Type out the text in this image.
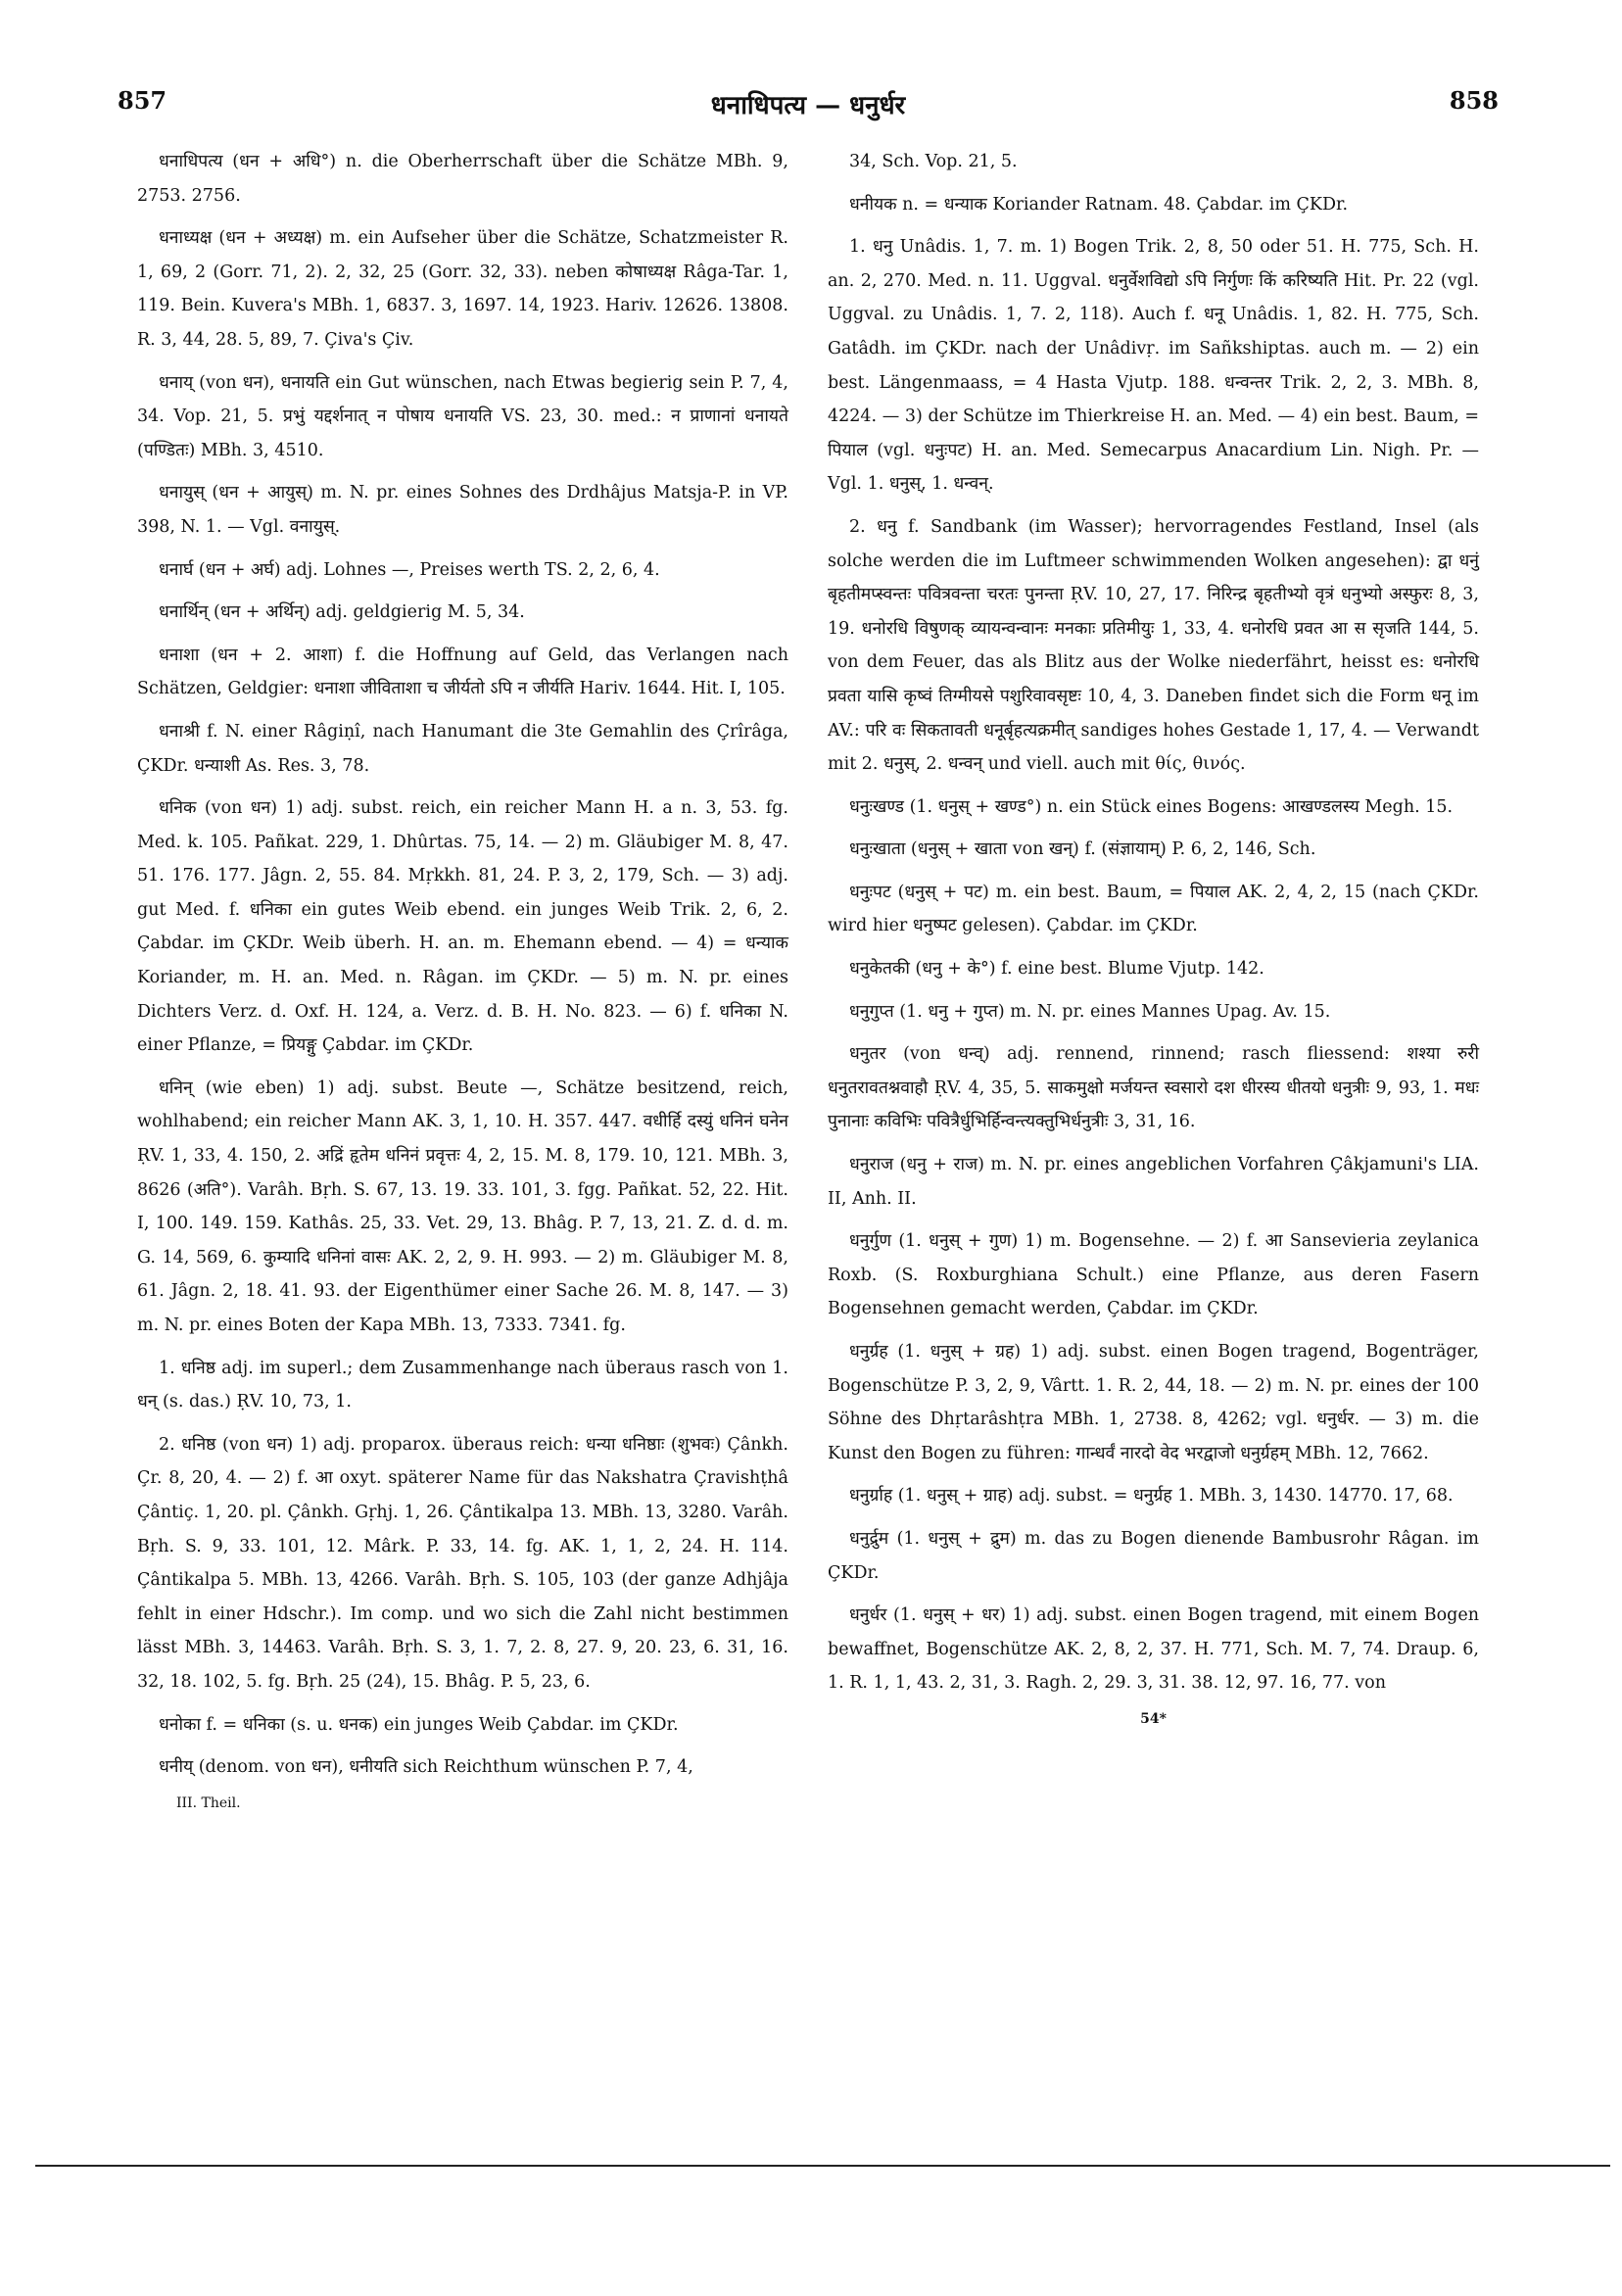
857	धनाधिपत्य — धनुर्धर	858

धनाधिपत्य (धन + अधि°) n. die Oberherrschaft über die Schätze MBh. 9, 2753. 2756.

धनाध्यक्ष (धन + अध्यक्ष) m. ein Aufseher über die Schätze, Schatzmeister R. 1, 69, 2 (Gorr. 71, 2). 2, 32, 25 (Gorr. 32, 33). neben कोषाध्यक्ष Râga-Tar. 1, 119. Bein. Kuvera's MBh. 1, 6837. 3, 1697. 14, 1923. Hariv. 12626. 13808. R. 3, 44, 28. 5, 89, 7. Çiva's Çiv.

धनाय् (von धन), धनायति ein Gut wünschen, nach Etwas begierig sein P. 7, 4, 34. Vop. 21, 5. प्रभुं यद्दर्शनात् न पोषाय धनायति VS. 23, 30. med.: न प्राणानां धनायते (पण्डितः) MBh. 3, 4510.

धनायुस् (धन + आयुस्) m. N. pr. eines Sohnes des Drdhâjus Matsja-P. in VP. 398, N. 1. — Vgl. वनायुस्.

धनार्घ (धन + अर्घ) adj. Lohnes —, Preises werth TS. 2, 2, 6, 4.

धनार्थिन् (धन + अर्थिन्) adj. geldgierig M. 5, 34.

धनाशा (धन + 2. आशा) f. die Hoffnung auf Geld, das Verlangen nach Schätzen, Geldgier: धनाशा जीविताशा च जीर्यतो ऽपि न जीर्यति Hariv. 1644. Hit. I, 105.

धनाश्री f. N. einer Râgiṇî, nach Hanumant die 3te Gemahlin des Çrîrâga, ÇKDr. धन्याशी As. Res. 3, 78.

धनिक (von धन) 1) adj. subst. reich, ein reicher Mann H. a n. 3, 53. fg. Med. k. 105. Pañkat. 229, 1. Dhûrtas. 75, 14. — 2) m. Gläubiger M. 8, 47. 51. 176. 177. Jâgn. 2, 55. 84. Mṛkkh. 81, 24. P. 3, 2, 179, Sch. — 3) adj. gut Med. f. धनिका ein gutes Weib ebend. ein junges Weib Trik. 2, 6, 2. Çabdar. im ÇKDr. Weib überh. H. an. m. Ehemann ebend. — 4) = धन्याक Koriander, m. H. an. Med. n. Râgan. im ÇKDr. — 5) m. N. pr. eines Dichters Verz. d. Oxf. H. 124, a. Verz. d. B. H. No. 823. — 6) f. धनिका N. einer Pflanze, = प्रियङ्गु Çabdar. im ÇKDr.

धनिन् (wie eben) 1) adj. subst. Beute —, Schätze besitzend, reich, wohlhabend; ein reicher Mann AK. 3, 1, 10. H. 357. 447. वधीर्हि दस्युं धनिनं घनेन ṚV. 1, 33, 4. 150, 2. अद्रिं हृतेम धनिनं प्रवृत्तः 4, 2, 15. M. 8, 179. 10, 121. MBh. 3, 8626 (अति°). Varâh. Bṛh. S. 67, 13. 19. 33. 101, 3. fgg. Pañkat. 52, 22. Hit. I, 100. 149. 159. Kathâs. 25, 33. Vet. 29, 13. Bhâg. P. 7, 13, 21. Z. d. d. m. G. 14, 569, 6. कुम्यादि धनिनां वासः AK. 2, 2, 9. H. 993. — 2) m. Gläubiger M. 8, 61. Jâgn. 2, 18. 41. 93. der Eigenthümer einer Sache 26. M. 8, 147. — 3) m. N. pr. eines Boten der Kapa MBh. 13, 7333. 7341. fg.

1. धनिष्ठ adj. im superl.; dem Zusammenhange nach überaus rasch von 1. धन् (s. das.) ṚV. 10, 73, 1.

2. धनिष्ठ (von धन) 1) adj. proparox. überaus reich: धन्या धनिष्ठाः (शुभवः) Çânkh. Çr. 8, 20, 4. — 2) f. आ oxyt. späterer Name für das Nakshatra Çravishṭhâ Çântiç. 1, 20. pl. Çânkh. Gṛhj. 1, 26. Çântikalpa 13. MBh. 13, 3280. Varâh. Bṛh. S. 9, 33. 101, 12. Mârk. P. 33, 14. fg. AK. 1, 1, 2, 24. H. 114. Çântikalpa 5. MBh. 13, 4266. Varâh. Bṛh. S. 105, 103 (der ganze Adhjâja fehlt in einer Hdschr.). Im comp. und wo sich die Zahl nicht bestimmen lässt MBh. 3, 14463. Varâh. Bṛh. S. 3, 1. 7, 2. 8, 27. 9, 20. 23, 6. 31, 16. 32, 18. 102, 5. fg. Bṛh. 25 (24), 15. Bhâg. P. 5, 23, 6.

धनोका f. = धनिका (s. u. धनक) ein junges Weib Çabdar. im ÇKDr.

धनीय् (denom. von धन), धनीयति sich Reichthum wünschen P. 7, 4,

III. Theil.

34, Sch. Vop. 21, 5.

धनीयक n. = धन्याक Koriander Ratnam. 48. Çabdar. im ÇKDr.

1. धनु Unâdis. 1, 7. m. 1) Bogen Trik. 2, 8, 50 oder 51. H. 775, Sch. H. an. 2, 270. Med. n. 11. Uggval. धनुर्वेशविद्यो ऽपि निर्गुणः किं करिष्यति Hit. Pr. 22 (vgl. Uggval. zu Unâdis. 1, 7. 2, 118). Auch f. धनू Unâdis. 1, 82. H. 775, Sch. Gatâdh. im ÇKDr. nach der Unâdivṛ. im Sañkshiptas. auch m. — 2) ein best. Längenmaass, = 4 Hasta Vjutp. 188. धन्वन्तर Trik. 2, 2, 3. MBh. 8, 4224. — 3) der Schütze im Thierkreise H. an. Med. — 4) ein best. Baum, = पियाल (vgl. धनुःपट) H. an. Med. Semecarpus Anacardium Lin. Nigh. Pr. — Vgl. 1. धनुस्, 1. धन्वन्.

2. धनु f. Sandbank (im Wasser); hervorragendes Festland, Insel (als solche werden die im Luftmeer schwimmenden Wolken angesehen): द्वा धनुं बृहतीमप्स्वन्तः पवित्रवन्ता चरतः पुनन्ता ṚV. 10, 27, 17. निरिन्द्र बृहतीभ्यो वृत्रं धनुभ्यो अस्फुरः 8, 3, 19. धनोरधि विषुणक् व्यायन्वन्वानः मनकाः प्रतिमीयुः 1, 33, 4. धनोरधि प्रवत आ स सृजति 144, 5. von dem Feuer, das als Blitz aus der Wolke niederfährt, heisst es: धनोरधि प्रवता यासि कृष्वं तिग्मीयसे पशुरिवावसृष्टः 10, 4, 3. Daneben findet sich die Form धनू im AV.: परि वः सिकतावती धनूर्बृहत्यक्रमीत् sandiges hohes Gestade 1, 17, 4. — Verwandt mit 2. धनुस्, 2. धन्वन् und viell. auch mit θίς, θινός.

धनुःखण्ड (1. धनुस् + खण्ड°) n. ein Stück eines Bogens: आखण्डलस्य Megh. 15.

धनुःखाता (धनुस् + खाता von खन्) f. (संज्ञायाम्) P. 6, 2, 146, Sch.

धनुःपट (धनुस् + पट) m. ein best. Baum, = पियाल AK. 2, 4, 2, 15 (nach ÇKDr. wird hier धनुष्पट gelesen). Çabdar. im ÇKDr.

धनुकेतकी (धनु + के°) f. eine best. Blume Vjutp. 142.

धनुगुप्त (1. धनु + गुप्त) m. N. pr. eines Mannes Upag. Av. 15.

धनुतर (von धन्व्) adj. rennend, rinnend; rasch fliessend: शश्या रुरी धनुतरावतश्नवाहौ ṚV. 4, 35, 5. साकमुक्षो मर्जयन्त स्वसारो दश धीरस्य धीतयो धनुत्रीः 9, 93, 1. मधः पुनानाः कविभिः पवित्रैर्धुभिर्हिन्वन्त्यक्तुभिर्धनुत्रीः 3, 31, 16.

धनुराज (धनु + राज) m. N. pr. eines angeblichen Vorfahren Çâkjamuni's LIA. II, Anh. II.

धनुर्गुण (1. धनुस् + गुण) 1) m. Bogensehne. — 2) f. आ Sansevieria zeylanica Roxb. (S. Roxburghiana Schult.) eine Pflanze, aus deren Fasern Bogensehnen gemacht werden, Çabdar. im ÇKDr.

धनुर्ग्रह (1. धनुस् + ग्रह) 1) adj. subst. einen Bogen tragend, Bogenträger, Bogenschütze P. 3, 2, 9, Vârtt. 1. R. 2, 44, 18. — 2) m. N. pr. eines der 100 Söhne des Dhṛtarâshṭra MBh. 1, 2738. 8, 4262; vgl. धनुर्धर. — 3) m. die Kunst den Bogen zu führen: गान्धर्वं नारदो वेद भरद्वाजो धनुर्ग्रहम् MBh. 12, 7662.

धनुर्ग्राह (1. धनुस् + ग्राह) adj. subst. = धनुर्ग्रह 1. MBh. 3, 1430. 14770. 17, 68.

धनुर्द्रुम (1. धनुस् + द्रुम) m. das zu Bogen dienende Bambusrohr Râgan. im ÇKDr.

धनुर्धर (1. धनुस् + धर) 1) adj. subst. einen Bogen tragend, mit einem Bogen bewaffnet, Bogenschütze AK. 2, 8, 2, 37. H. 771, Sch. M. 7, 74. Draup. 6, 1. R. 1, 1, 43. 2, 31, 3. Ragh. 2, 29. 3, 31. 38. 12, 97. 16, 77. von

54*
